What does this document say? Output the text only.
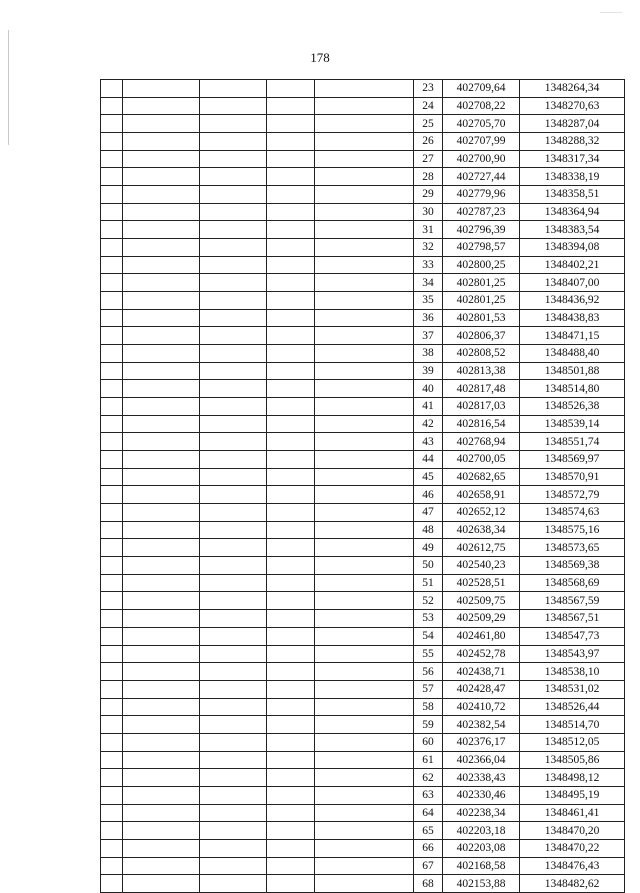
178
					23	402709,64	1348264,34
					24	402708,22	1348270,63
					25	402705,70	1348287,04
					26	402707,99	1348288,32
					27	402700,90	1348317,34
					28	402727,44	1348338,19
					29	402779,96	1348358,51
					30	402787,23	1348364,94
					31	402796,39	1348383,54
					32	402798,57	1348394,08
					33	402800,25	1348402,21
					34	402801,25	1348407,00
					35	402801,25	1348436,92
					36	402801,53	1348438,83
					37	402806,37	1348471,15
					38	402808,52	1348488,40
					39	402813,38	1348501,88
					40	402817,48	1348514,80
					41	402817,03	1348526,38
					42	402816,54	1348539,14
					43	402768,94	1348551,74
					44	402700,05	1348569,97
					45	402682,65	1348570,91
					46	402658,91	1348572,79
					47	402652,12	1348574,63
					48	402638,34	1348575,16
					49	402612,75	1348573,65
					50	402540,23	1348569,38
					51	402528,51	1348568,69
					52	402509,75	1348567,59
					53	402509,29	1348567,51
					54	402461,80	1348547,73
					55	402452,78	1348543,97
					56	402438,71	1348538,10
					57	402428,47	1348531,02
					58	402410,72	1348526,44
					59	402382,54	1348514,70
					60	402376,17	1348512,05
					61	402366,04	1348505,86
					62	402338,43	1348498,12
					63	402330,46	1348495,19
					64	402238,34	1348461,41
					65	402203,18	1348470,20
					66	402203,08	1348470,22
					67	402168,58	1348476,43
					68	402153,88	1348482,62
